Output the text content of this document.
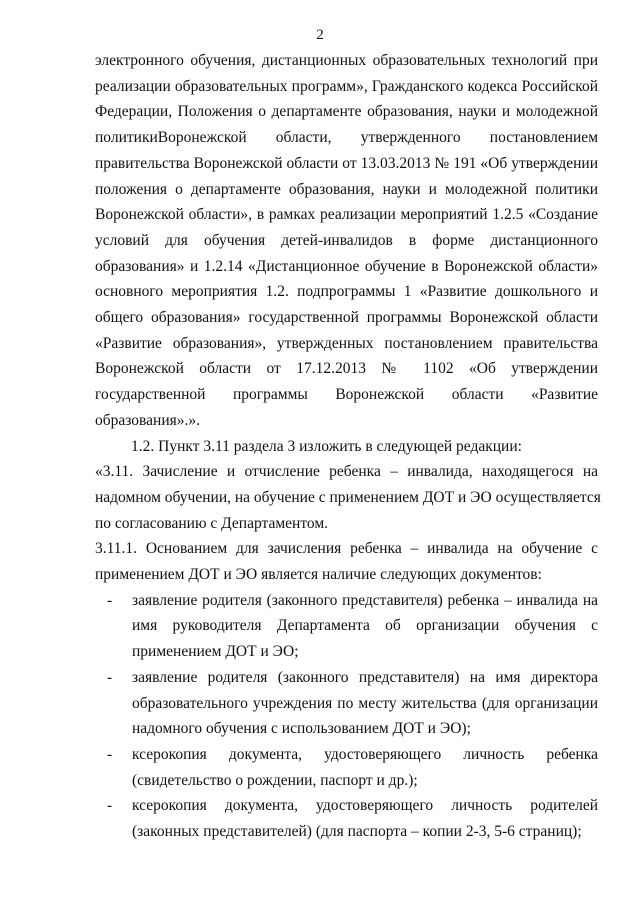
2

электронного обучения, дистанционных образовательных технологий при
реализации образовательных программ», Гражданского кодекса Российской
Федерации, Положения о департаменте образования, науки и молодежной
политикиВоронежской области, утвержденного постановлением
правительства Воронежской области от 13.03.2013 № 191 «Об утверждении
положения о департаменте образования, науки и молодежной политики
Воронежской области», в рамках реализации мероприятий 1.2.5 «Создание
условий для обучения детей-инвалидов в форме дистанционного
образования» и 1.2.14 «Дистанционное обучение в Воронежской области»
основного мероприятия 1.2. подпрограммы 1 «Развитие дошкольного и
общего образования» государственной программы Воронежской области
«Развитие образования», утвержденных постановлением правительства
Воронежской области от 17.12.2013 № 1102 «Об утверждении
государственной программы Воронежской области «Развитие
образования».».

1.2. Пункт 3.11 раздела 3 изложить в следующей редакции:

«3.11. Зачисление и отчисление ребенка – инвалида, находящегося на
надомном обучении, на обучение с применением ДОТ и ЭО осуществляется
по согласованию с Департаментом.

3.11.1. Основанием для зачисления ребенка – инвалида на обучение с
применением ДОТ и ЭО является наличие следующих документов:

- заявление родителя (законного представителя) ребенка – инвалида на
имя руководителя Департамента об организации обучения с
применением ДОТ и ЭО;
- заявление родителя (законного представителя) на имя директора
образовательного учреждения по месту жительства (для организации
надомного обучения с использованием ДОТ и ЭО);
- ксерокопия документа, удостоверяющего личность ребенка
(свидетельство о рождении, паспорт и др.);
- ксерокопия документа, удостоверяющего личность родителей
(законных представителей) (для паспорта – копии 2-3, 5-6 страниц);
